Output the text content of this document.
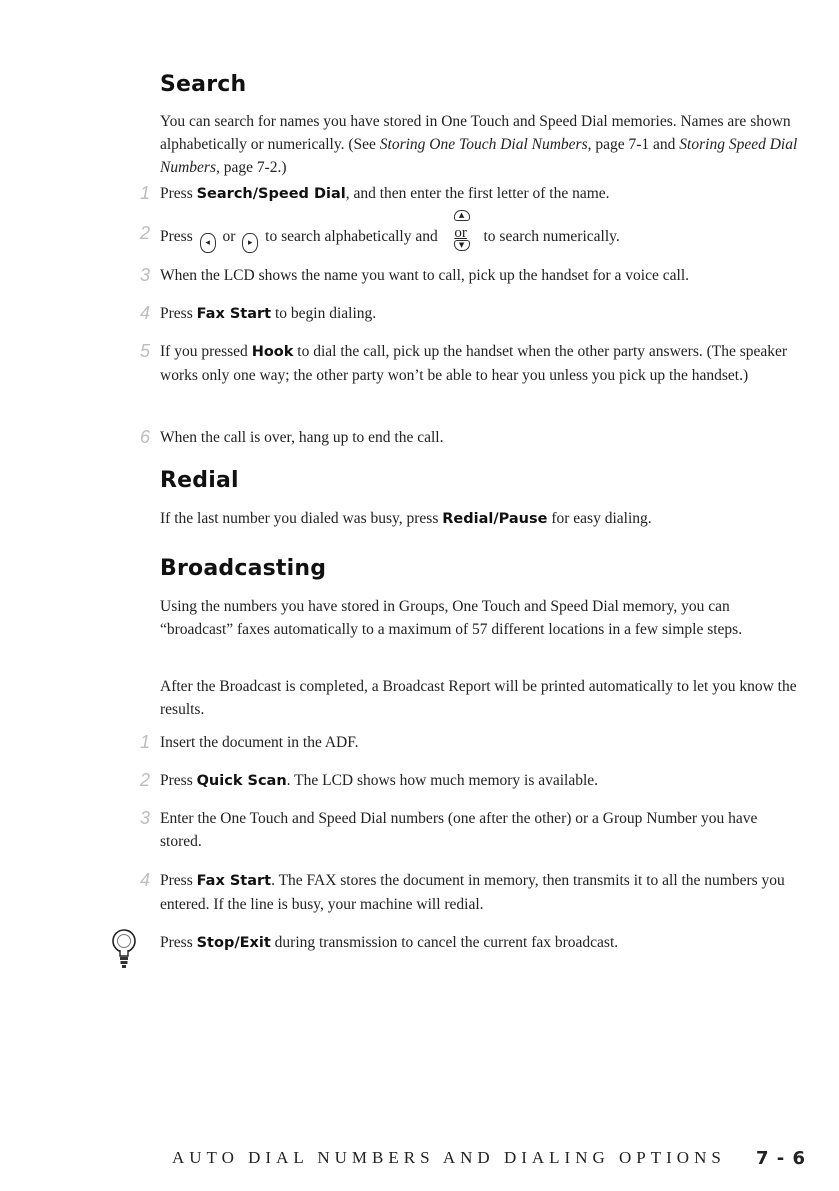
Search
You can search for names you have stored in One Touch and Speed Dial memories. Names are shown alphabetically or numerically. (See Storing One Touch Dial Numbers, page 7-1 and Storing Speed Dial Numbers, page 7-2.)
1 Press Search/Speed Dial, and then enter the first letter of the name.
2 Press ◂ or ▸ to search alphabetically and
▲
or
▼	to search numerically.
3 When the LCD shows the name you want to call, pick up the handset for a voice call.
4 Press Fax Start to begin dialing.
5 If you pressed Hook to dial the call, pick up the handset when the other party answers. (The speaker works only one way; the other party won’t be able to hear you unless you pick up the handset.)
6 When the call is over, hang up to end the call.
Redial
If the last number you dialed was busy, press Redial/Pause for easy dialing.
Broadcasting
Using the numbers you have stored in Groups, One Touch and Speed Dial memory, you can “broadcast” faxes automatically to a maximum of 57 different locations in a few simple steps.
After the Broadcast is completed, a Broadcast Report will be printed automatically to let you know the results.
1 Insert the document in the ADF.
2 Press Quick Scan. The LCD shows how much memory is available.
3 Enter the One Touch and Speed Dial numbers (one after the other) or a Group Number you have stored.
4 Press Fax Start. The FAX stores the document in memory, then transmits it to all the numbers you entered. If the line is busy, your machine will redial.
Press Stop/Exit during transmission to cancel the current fax broadcast.
AUTO DIAL NUMBERS AND DIALING OPTIONS 7 - 6
